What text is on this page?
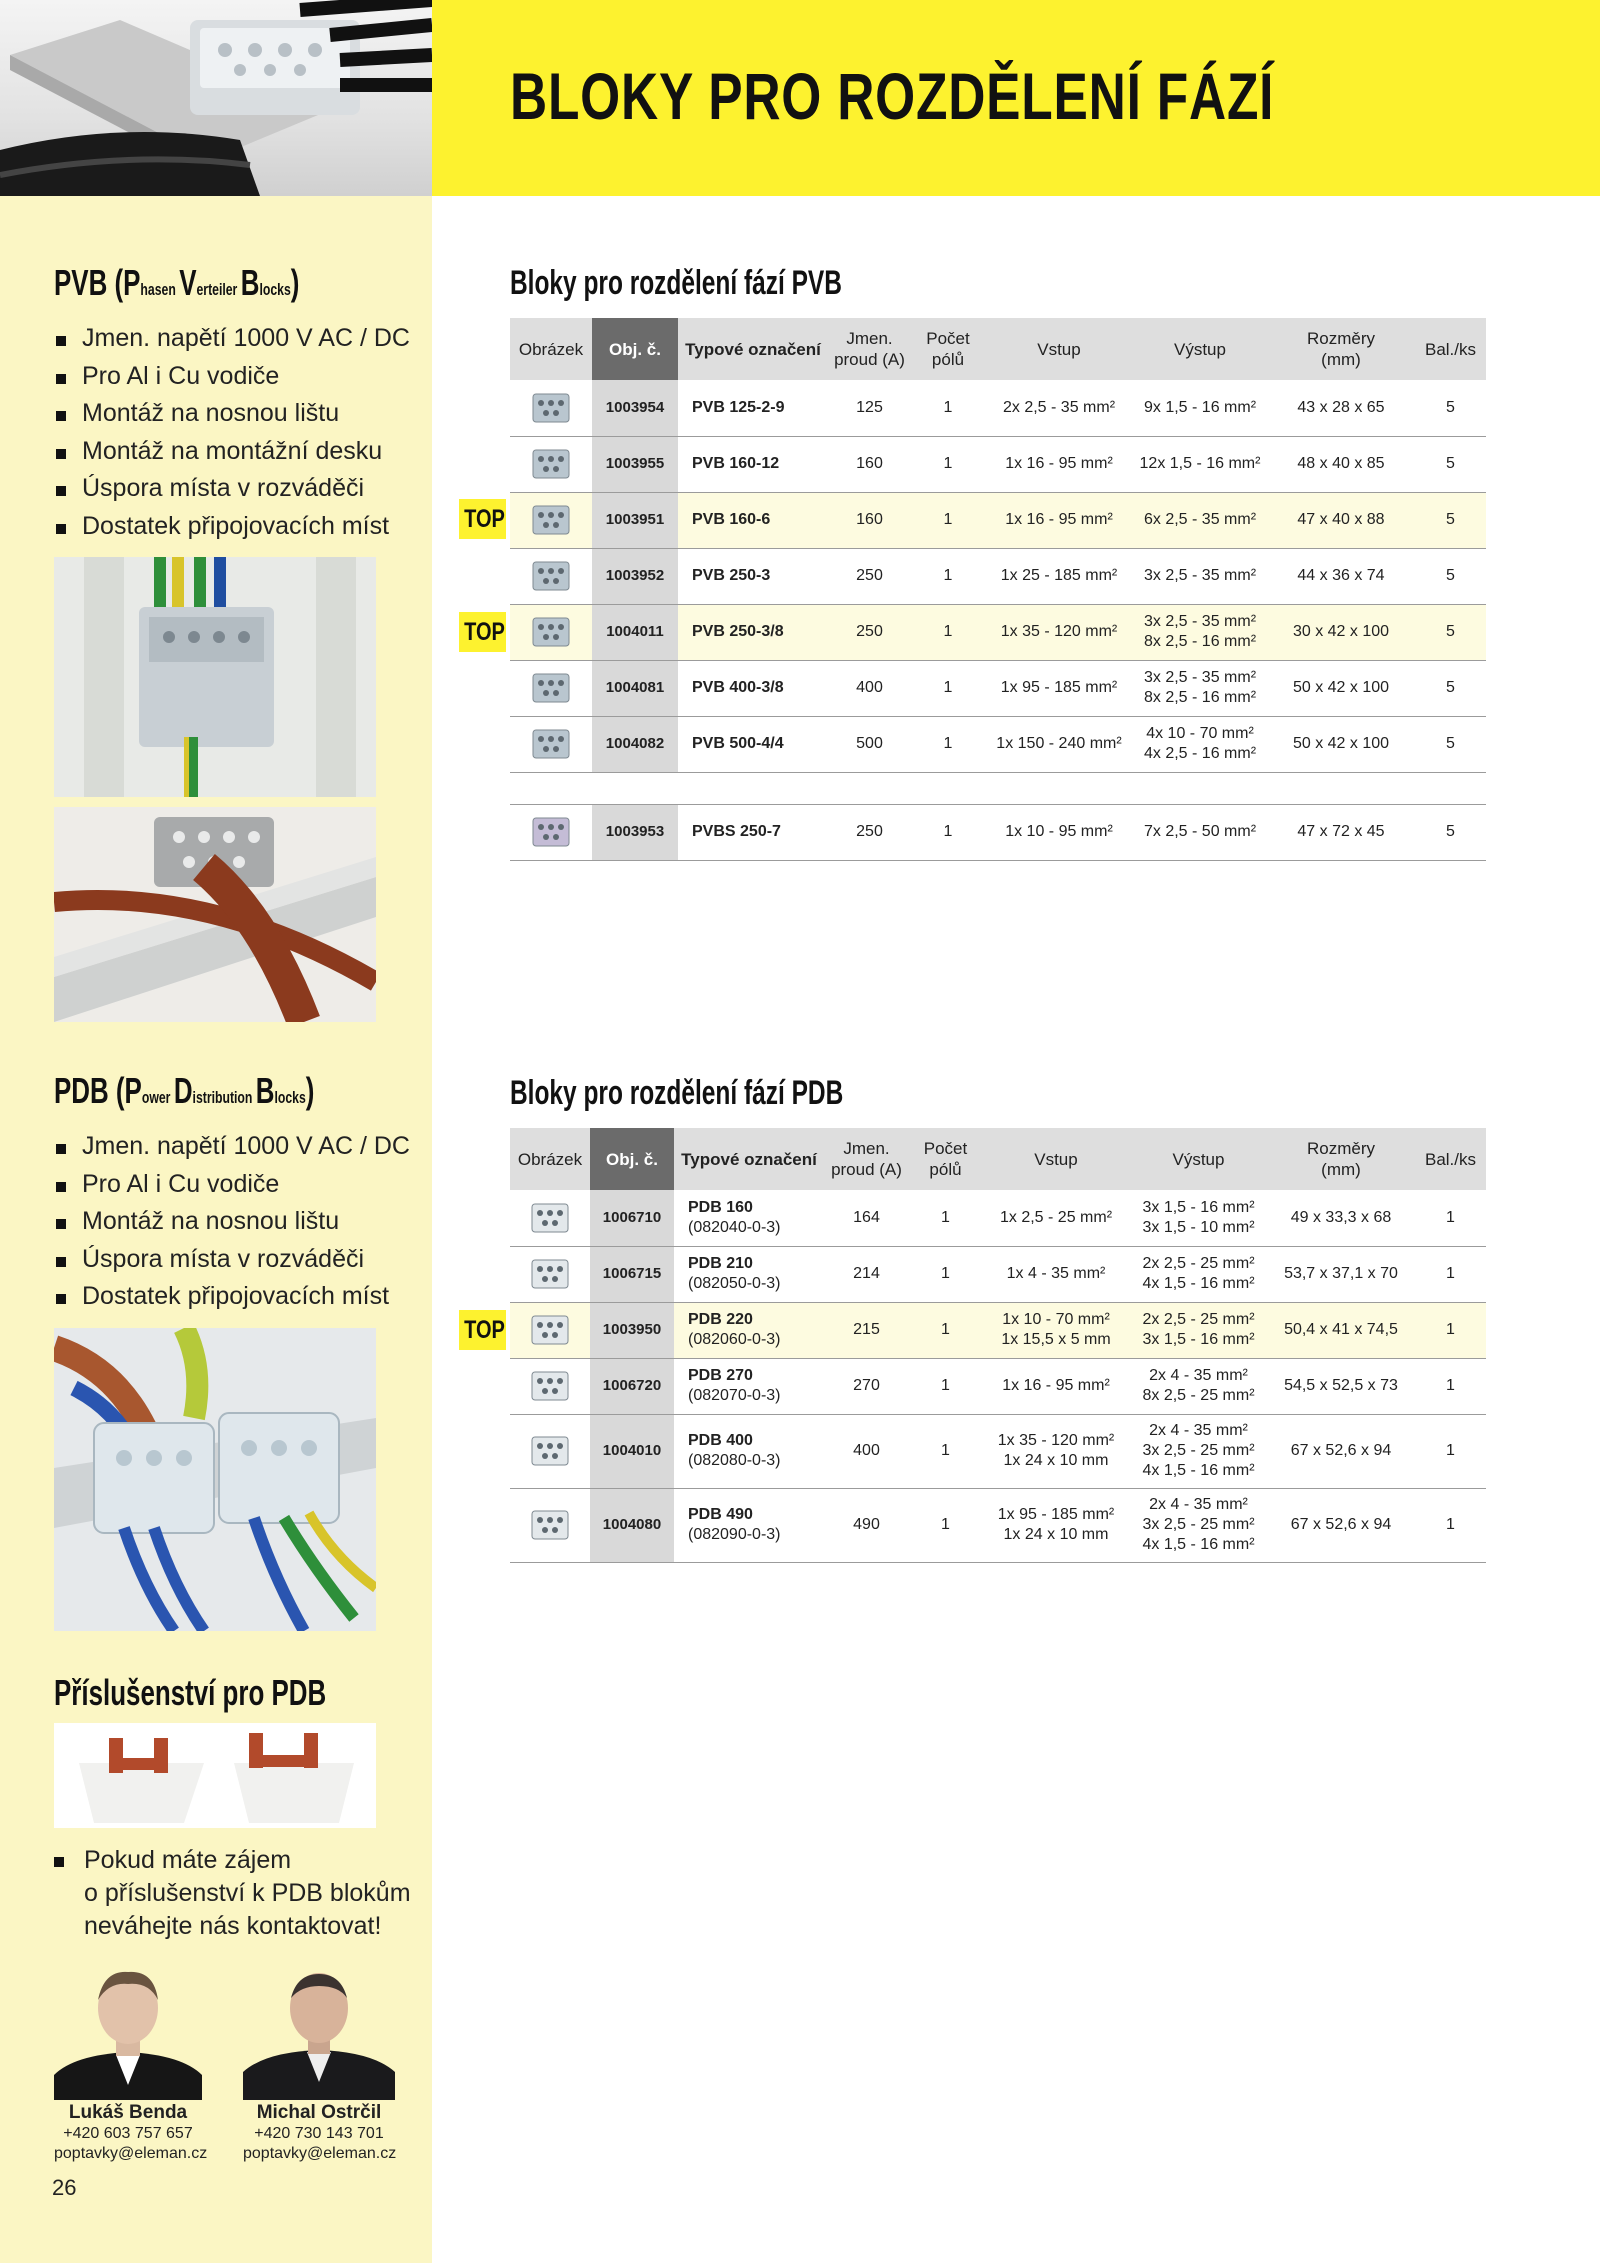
BLOKY PRO ROZDĚLENÍ FÁZÍ
PVB (Phasen Verteiler Blocks)
Jmen. napětí 1000 V AC / DC
Pro Al i Cu vodiče
Montáž na nosnou lištu
Montáž na montážní desku
Úspora místa v rozváděči
Dostatek připojovacích míst
PDB (Power Distribution Blocks)
Jmen. napětí 1000 V AC / DC
Pro Al i Cu vodiče
Montáž na nosnou lištu
Úspora místa v rozváděči
Dostatek připojovacích míst
Příslušenství pro PDB
Pokud máte zájem
o příslušenství k PDB blokům
neváhejte nás kontaktovat!
Lukáš Benda
+420 603 757 657
poptavky@eleman.cz
Michal Ostrčil
+420 730 143 701
poptavky@eleman.cz
26
Bloky pro rozdělení fází PVB
TOP
TOP
Obrázek	Obj. č.	Typové označení	Jmen.
proud (A)	Počet
pólů	Vstup	Výstup	Rozměry
(mm)	Bal./ks
	1003954	PVB 125-2-9	125	1	2x 2,5 - 35 mm²	9x 1,5 - 16 mm²	43 x 28 x 65	5
	1003955	PVB 160-12	160	1	1x 16 - 95 mm²	12x 1,5 - 16 mm²	48 x 40 x 85	5
	1003951	PVB 160-6	160	1	1x 16 - 95 mm²	6x 2,5 - 35 mm²	47 x 40 x 88	5
	1003952	PVB 250-3	250	1	1x 25 - 185 mm²	3x 2,5 - 35 mm²	44 x 36 x 74	5
	1004011	PVB 250-3/8	250	1	1x 35 - 120 mm²	3x 2,5 - 35 mm²
8x 2,5 - 16 mm²	30 x 42 x 100	5
	1004081	PVB 400-3/8	400	1	1x 95 - 185 mm²	3x 2,5 - 35 mm²
8x 2,5 - 16 mm²	50 x 42 x 100	5
	1004082	PVB 500-4/4	500	1	1x 150 - 240 mm²	4x 10 - 70 mm²
4x 2,5 - 16 mm²	50 x 42 x 100	5

	1003953	PVBS 250-7	250	1	1x 10 - 95 mm²	7x 2,5 - 50 mm²	47 x 72 x 45	5
Bloky pro rozdělení fází PDB
TOP
Obrázek	Obj. č.	Typové označení	Jmen.
proud (A)	Počet
pólů	Vstup	Výstup	Rozměry
(mm)	Bal./ks
	1006710	PDB 160
(082040-0-3)	164	1	1x 2,5 - 25 mm²	3x 1,5 - 16 mm²
3x 1,5 - 10 mm²	49 x 33,3 x 68	1
	1006715	PDB 210
(082050-0-3)	214	1	1x 4 - 35 mm²	2x 2,5 - 25 mm²
4x 1,5 - 16 mm²	53,7 x 37,1 x 70	1
	1003950	PDB 220
(082060-0-3)	215	1	1x 10 - 70 mm²
1x 15,5 x 5 mm	2x 2,5 - 25 mm²
3x 1,5 - 16 mm²	50,4 x 41 x 74,5	1
	1006720	PDB 270
(082070-0-3)	270	1	1x 16 - 95 mm²	2x 4 - 35 mm²
8x 2,5 - 25 mm²	54,5 x 52,5 x 73	1
	1004010	PDB 400
(082080-0-3)	400	1	1x 35 - 120 mm²
1x 24 x 10 mm	2x 4 - 35 mm²
3x 2,5 - 25 mm²
4x 1,5 - 16 mm²	67 x 52,6 x 94	1
	1004080	PDB 490
(082090-0-3)	490	1	1x 95 - 185 mm²
1x 24 x 10 mm	2x 4 - 35 mm²
3x 2,5 - 25 mm²
4x 1,5 - 16 mm²	67 x 52,6 x 94	1
